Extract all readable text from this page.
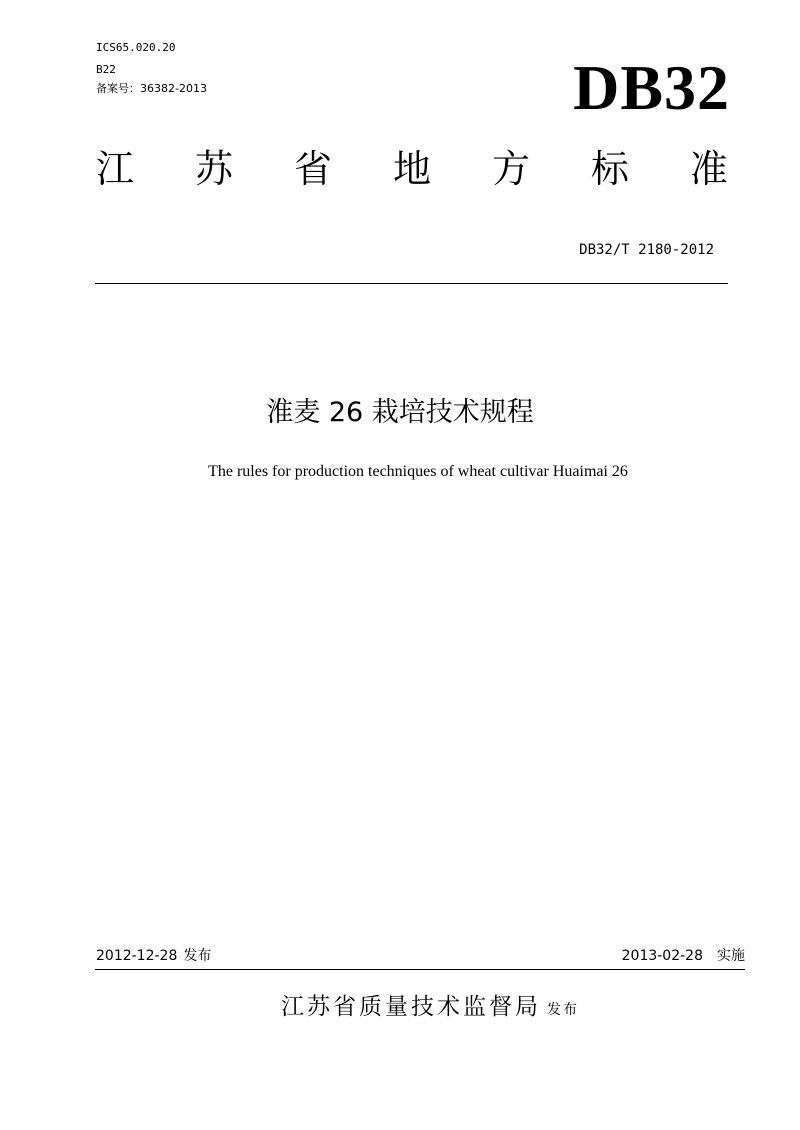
ICS65.020.20
B22
备案号：36382-2013	DB32
江 苏 省 地 方 标 准
DB32/T 2180-2012
淮麦 26 栽培技术规程
The rules for production techniques of wheat cultivar Huaimai 26
2012-12-28 发布	2013-02-28 实施
江苏省质量技术监督局 发布
